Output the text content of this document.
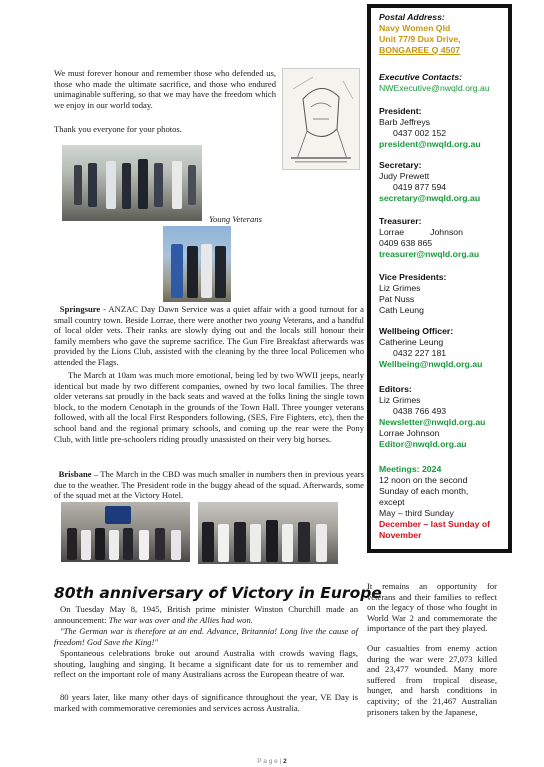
We must forever honour and remember those who defended us, those who made the ultimate sacrifice, and those who endured unimaginable suffering, so that we may have the freedom which we enjoy in our world today.

Thank you everyone for your photos.

Young Veterans

Springsure - ANZAC Day Dawn Service was a quiet affair with a good turnout for a small country town. Beside Lorrae, there were another two young Veterans, and a handful of local older vets. Their ranks are slowly dying out and the locals still honour their family members who gave the supreme sacrifice. The Gun Fire Breakfast afterwards was provided by the Lions Club, assisted with the cleaning by the three local Policemen who attended the Flags.

The March at 10am was much more emotional, being led by two WWII jeeps, nearly identical but made by two different companies, owned by two local families. The three older veterans sat proudly in the back seats and waved at the folks lining the single town block, to the modern Cenotaph in the grounds of the Town Hall. Three younger veterans followed, with all the local First Responders following, (SES, Fire Fighters, etc), then the school band and the regional primary schools, and coming up the rear were the Pony Club, with little pre-schoolers riding proudly unassisted on their very big horses.

Brisbane – The March in the CBD was much smaller in numbers then in previous years due to the weather. The President rode in the buggy ahead of the squad. Afterwards, some of the squad met at the Victory Hotel.

Postal Address:
Navy Women Qld
Unit 77/9 Dux Drive,
BONGAREE Q 4507
Executive Contacts:
NWExecutive@nwqld.org.au
President:
Barb Jeffreys
0437 002 152
president@nwqld.org.au
Secretary:
Judy Prewett
0419 877 594
secretary@nwqld.org.au
Treasurer:
Lorrae	Johnson
0409 638 865
treasurer@nwqld.org.au
Vice Presidents:
Liz Grimes
Pat Nuss
Cath Leung
Wellbeing Officer:
Catherine Leung
0432 227 181
Wellbeing@nwqld.org.au
Editors:
Liz Grimes
0438 766 493
Newsletter@nwqld.org.au
Lorrae Johnson
Editor@nwqld.org.au
Meetings: 2024
12 noon on the second
Sunday of each month,
except
May – third Sunday
December – last Sunday of
November
80th anniversary of Victory in Europe

On Tuesday May 8, 1945, British prime minister Winston Churchill made an announcement: The war was over and the Allies had won.

"The German war is therefore at an end. Advance, Britannia! Long live the cause of freedom! God Save the King!"

Spontaneous celebrations broke out around Australia with crowds waving flags, shouting, laughing and singing. It became a significant date for us to remember and reflect on the important role of many Australians across the European theatre of war.

80 years later, like many other days of significance throughout the year, VE Day is marked with commemorative ceremonies and services across Australia.

It remains an opportunity for veterans and their families to reflect on the legacy of those who fought in World War 2 and commemorate the importance of the part they played.

Our casualties from enemy action during the war were 27,073 killed and 23,477 wounded. Many more suffered from tropical disease, hunger, and harsh conditions in captivity; of the 21,467 Australian prisoners taken by the Japanese,

P a g e | 2
